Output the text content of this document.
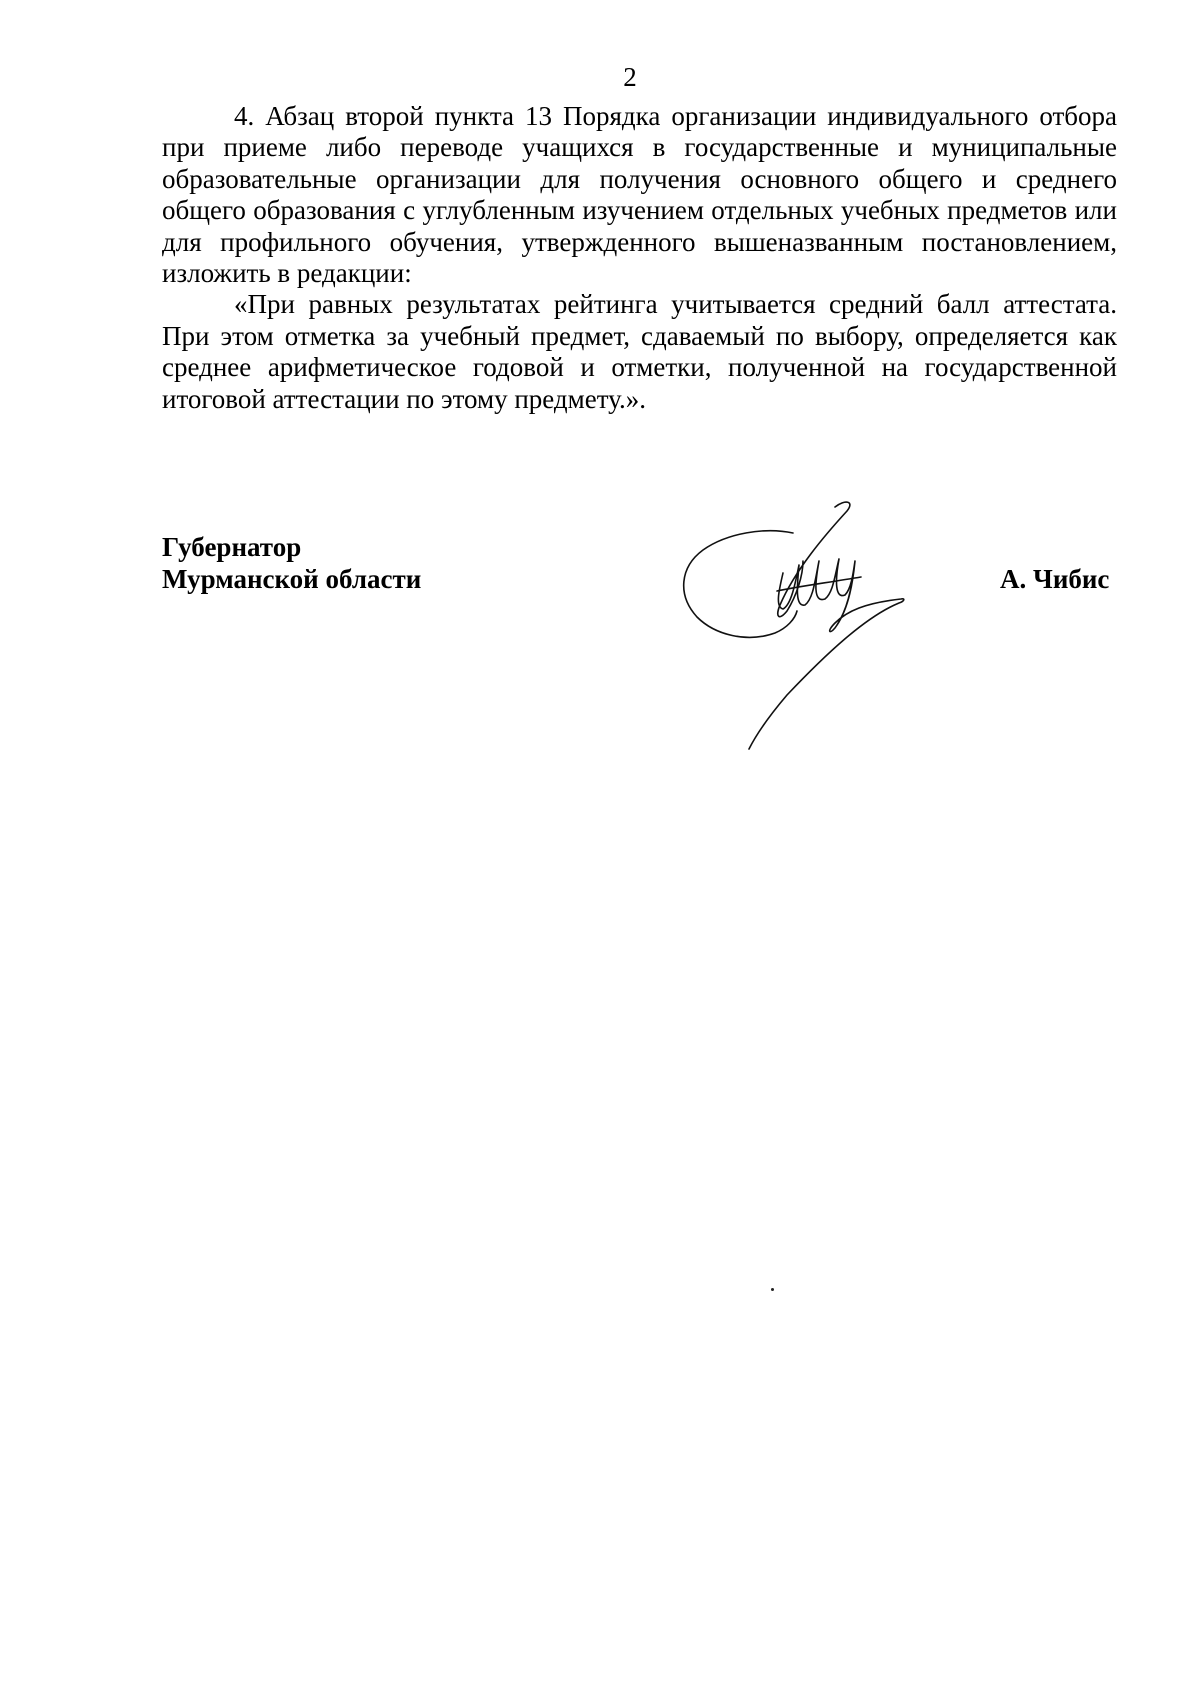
2

4. Абзац второй пункта 13 Порядка организации индивидуального отбора при приеме либо переводе учащихся в государственные и муниципальные образовательные организации для получения основного общего и среднего общего образования с углубленным изучением отдельных учебных предметов или для профильного обучения, утвержденного вышеназванным постановлением, изложить в редакции:

«При равных результатах рейтинга учитывается средний балл аттестата. При этом отметка за учебный предмет, сдаваемый по выбору, определяется как среднее арифметическое годовой и отметки, полученной на государственной итоговой аттестации по этому предмету.».

Губернатор
Мурманской области	А. Чибис
